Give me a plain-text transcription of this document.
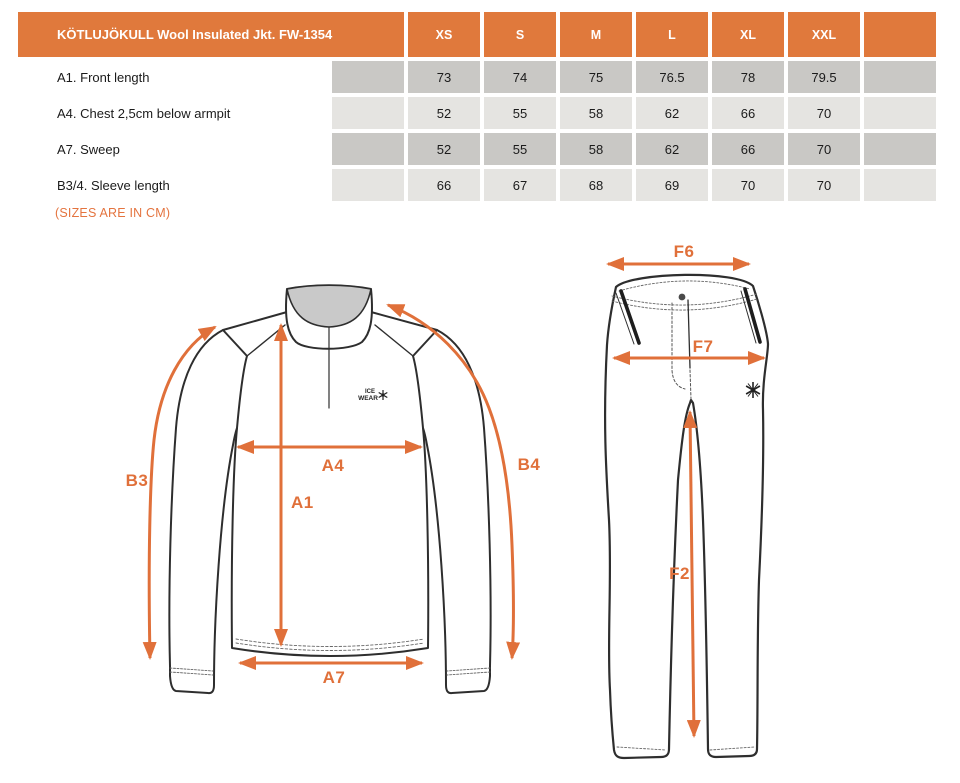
KÖTLUJÖKULL Wool Insulated Jkt. FW-1354	XS	S	M	L	XL	XXL
A1. Front length	73	74	75	76.5	78	79.5
A4. Chest 2,5cm below armpit	52	55	58	62	66	70
A7. Sweep	52	55	58	62	66	70
B3/4. Sleeve length	66	67	68	69	70	70
(SIZES ARE IN CM)
ICE
WEAR
A4
A1
A7
B3
B4
F6
F7
F2
